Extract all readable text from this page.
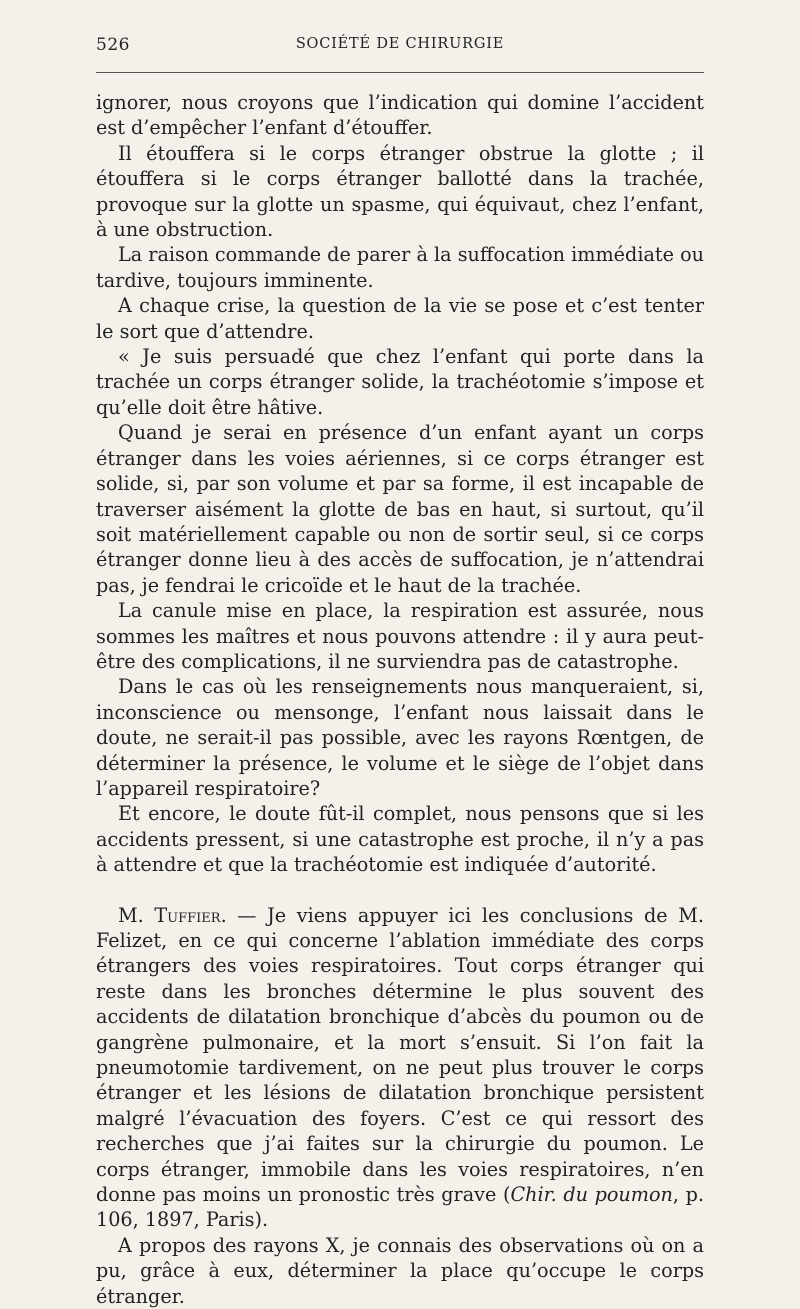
526	SOCIÉTÉ DE CHIRURGIE

ignorer, nous croyons que l’indication qui domine l’accident est d’empêcher l’enfant d’étouffer.

Il étouffera si le corps étranger obstrue la glotte ; il étouffera si le corps étranger ballotté dans la trachée, provoque sur la glotte un spasme, qui équivaut, chez l’enfant, à une obstruction.

La raison commande de parer à la suffocation immédiate ou tardive, toujours imminente.

A chaque crise, la question de la vie se pose et c’est tenter le sort que d’attendre.

« Je suis persuadé que chez l’enfant qui porte dans la trachée un corps étranger solide, la trachéotomie s’impose et qu’elle doit être hâtive.

Quand je serai en présence d’un enfant ayant un corps étranger dans les voies aériennes, si ce corps étranger est solide, si, par son volume et par sa forme, il est incapable de traverser aisément la glotte de bas en haut, si surtout, qu’il soit matériellement capable ou non de sortir seul, si ce corps étranger donne lieu à des accès de suffocation, je n’attendrai pas, je fendrai le cricoïde et le haut de la trachée.

La canule mise en place, la respiration est assurée, nous sommes les maîtres et nous pouvons attendre : il y aura peut-être des complications, il ne surviendra pas de catastrophe.

Dans le cas où les renseignements nous manqueraient, si, inconscience ou mensonge, l’enfant nous laissait dans le doute, ne serait-il pas possible, avec les rayons Rœntgen, de déterminer la présence, le volume et le siège de l’objet dans l’appareil respiratoire?

Et encore, le doute fût-il complet, nous pensons que si les accidents pressent, si une catastrophe est proche, il n’y a pas à attendre et que la trachéotomie est indiquée d’autorité.

M. Tuffier. — Je viens appuyer ici les conclusions de M. Felizet, en ce qui concerne l’ablation immédiate des corps étrangers des voies respiratoires. Tout corps étranger qui reste dans les bronches détermine le plus souvent des accidents de dilatation bronchique d’abcès du poumon ou de gangrène pulmonaire, et la mort s’ensuit. Si l’on fait la pneumotomie tardivement, on ne peut plus trouver le corps étranger et les lésions de dilatation bronchique persistent malgré l’évacuation des foyers. C’est ce qui ressort des recherches que j’ai faites sur la chirurgie du poumon. Le corps étranger, immobile dans les voies respiratoires, n’en donne pas moins un pronostic très grave (Chir. du poumon, p. 106, 1897, Paris).

A propos des rayons X, je connais des observations où on a pu, grâce à eux, déterminer la place qu’occupe le corps étranger.
